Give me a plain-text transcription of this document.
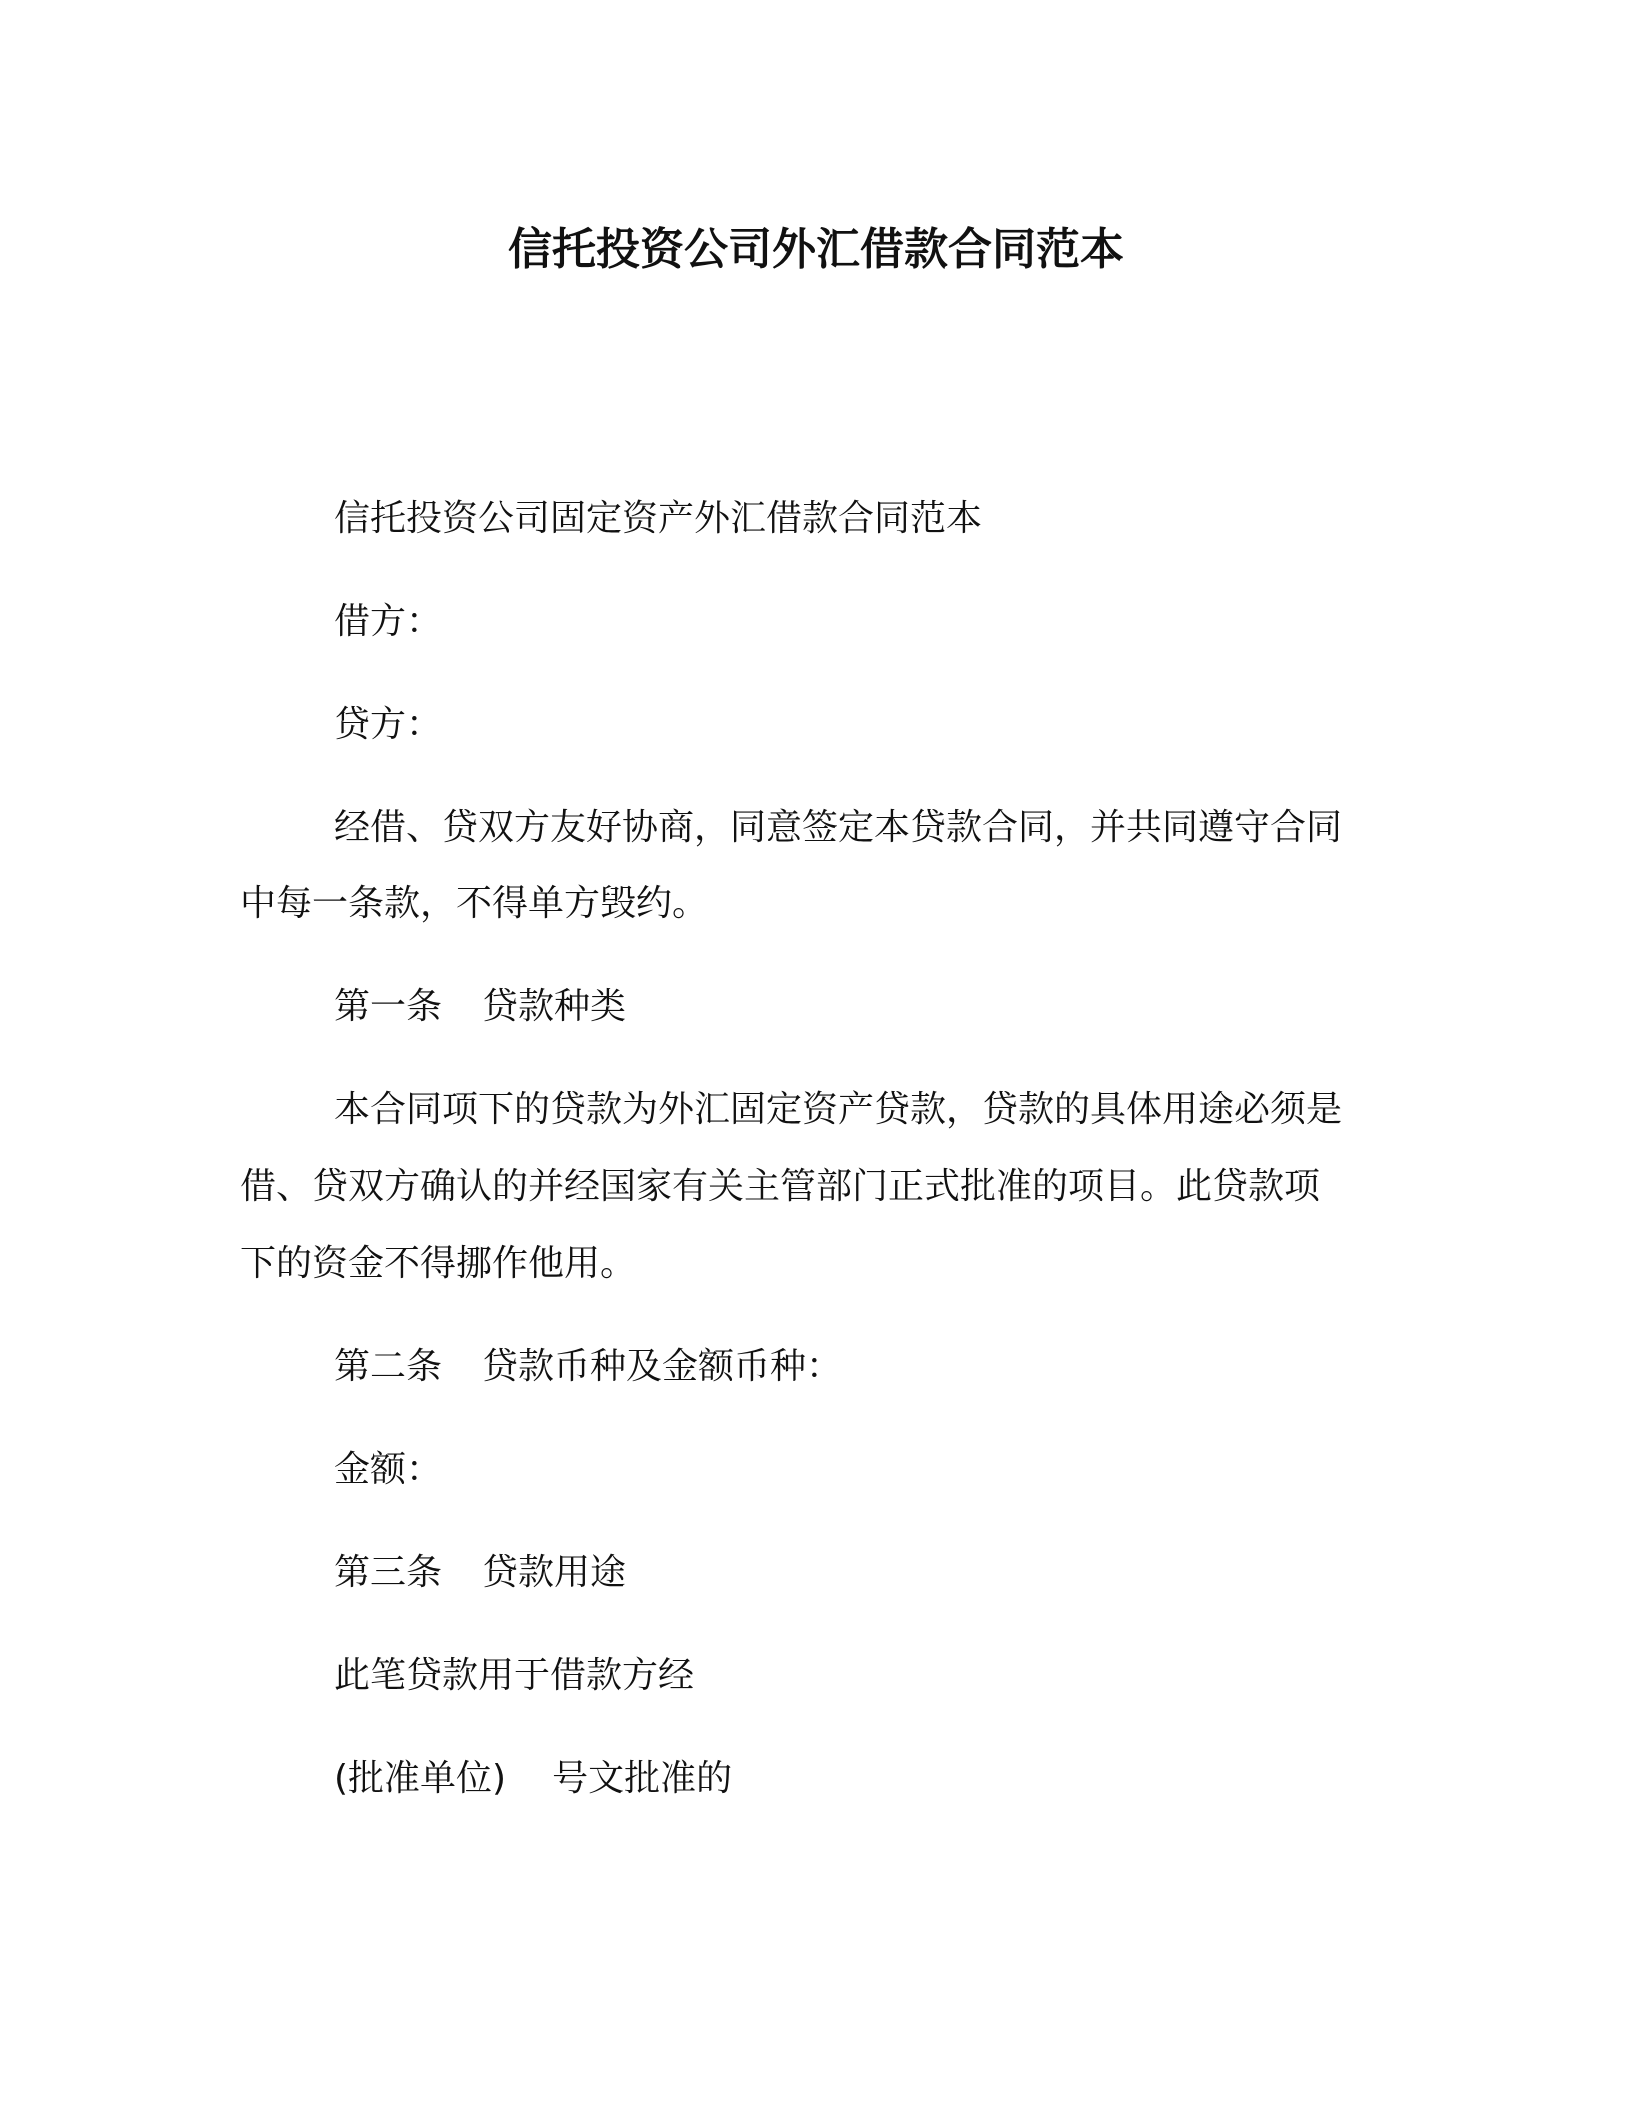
信托投资公司外汇借款合同范本
信托投资公司固定资产外汇借款合同范本
借方：
贷方：
经借、贷双方友好协商，同意签定本贷款合同，并共同遵守合同
中每一条款，不得单方毁约。
第一条 贷款种类
本合同项下的贷款为外汇固定资产贷款，贷款的具体用途必须是
借、贷双方确认的并经国家有关主管部门正式批准的项目。此贷款项
下的资金不得挪作他用。
第二条 贷款币种及金额币种：
金额：
第三条 贷款用途
此笔贷款用于借款方经
(批准单位) 号文批准的
